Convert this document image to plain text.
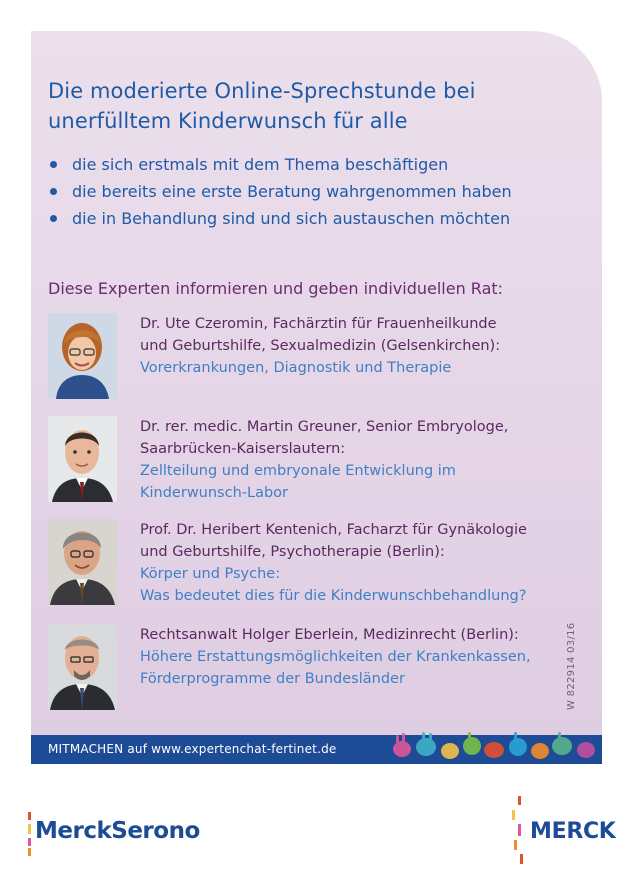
Die moderierte Online-Sprechstunde bei
unerfülltem Kinderwunsch für alle
die sich erstmals mit dem Thema beschäftigen
die bereits eine erste Beratung wahrgenommen haben
die in Behandlung sind und sich austauschen möchten
Diese Experten informieren und geben individuellen Rat:

Dr. Ute Czeromin, Fachärztin für Frauenheilkunde
und Geburtshilfe, Sexualmedizin (Gelsenkirchen):

Vorerkrankungen, Diagnostik und Therapie

Dr. rer. medic. Martin Greuner, Senior Embryologe,
Saarbrücken-Kaiserslautern:

Zellteilung und embryonale Entwicklung im
Kinderwunsch-Labor

Prof. Dr. Heribert Kentenich, Facharzt für Gynäkologie
und Geburtshilfe, Psychotherapie (Berlin):

Körper und Psyche:
Was bedeutet dies für die Kinderwunschbehandlung?

Rechtsanwalt Holger Eberlein, Medizinrecht (Berlin):

Höhere Erstattungsmöglichkeiten der Krankenkassen,
Förderprogramme der Bundesländer	W 822914 03/16
MITMACHEN auf www.expertenchat-fertinet.de
MerckSerono	MERCK
